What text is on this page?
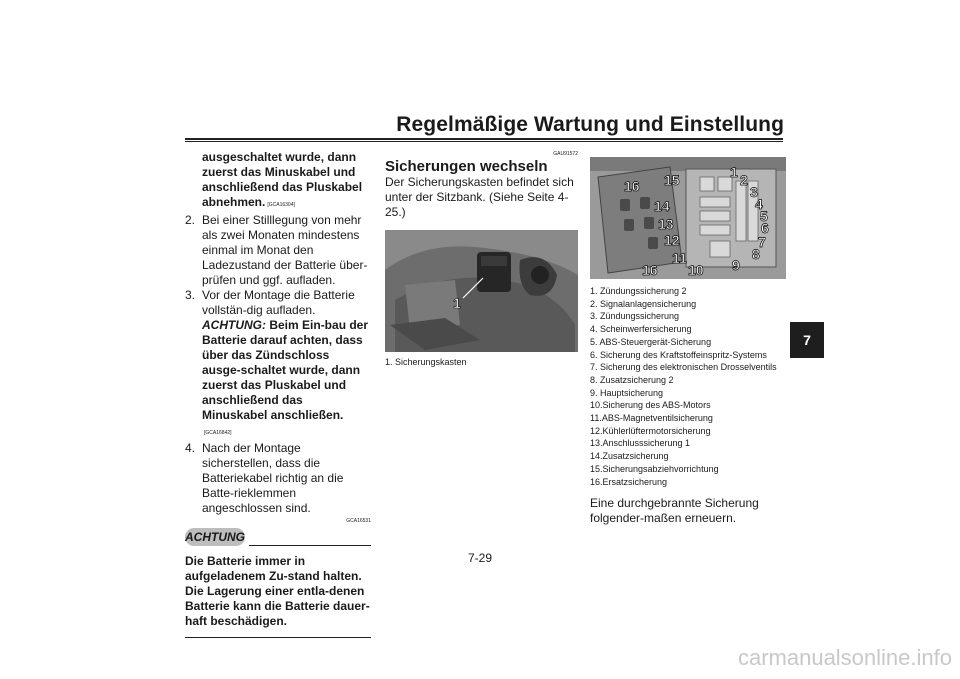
Regelmäßige Wartung und Einstellung
7

ausgeschaltet wurde, dann zuerst das Minuskabel und anschließend das Pluskabel abnehmen. [GCA16304]

2. Bei einer Stilllegung von mehr als zwei Monaten mindestens einmal im Monat den Ladezustand der Batterie über-prüfen und ggf. aufladen.

3. Vor der Montage die Batterie vollstän-dig aufladen. ACHTUNG: Beim Ein-bau der Batterie darauf achten, dass über das Zündschloss ausge-schaltet wurde, dann zuerst das Pluskabel und anschließend das Minuskabel anschließen.[GCA16842]

4. Nach der Montage sicherstellen, dass die Batteriekabel richtig an die Batte-rieklemmen angeschlossen sind.

GCA16531

ACHTUNG
Die Batterie immer in aufgeladenem Zu-stand halten. Die Lagerung einer entla-denen Batterie kann die Batterie dauer-haft beschädigen.
GAU91572
Sicherungen wechseln
Der Sicherungskasten befindet sich unter der Sitzbank. (Siehe Seite 4-25.)
1
1. Sicherungskasten
1 2
3
4
5
6
7
8
9
10
11
12
13
14
15
16
16
1. Zündungssicherung 2
2. Signalanlagensicherung
3. Zündungssicherung
4. Scheinwerfersicherung
5. ABS-Steuergerät-Sicherung
6. Sicherung des Kraftstoffeinspritz-Systems
7. Sicherung des elektronischen Drosselventils
8. Zusatzsicherung 2
9. Hauptsicherung
10.Sicherung des ABS-Motors
11.ABS-Magnetventilsicherung
12.Kühlerlüftermotorsicherung
13.Anschlusssicherung 1
14.Zusatzsicherung
15.Sicherungsabziehvorrichtung
16.Ersatzsicherung
Eine durchgebrannte Sicherung folgender-maßen erneuern.
7-29
carmanualsonline.info
